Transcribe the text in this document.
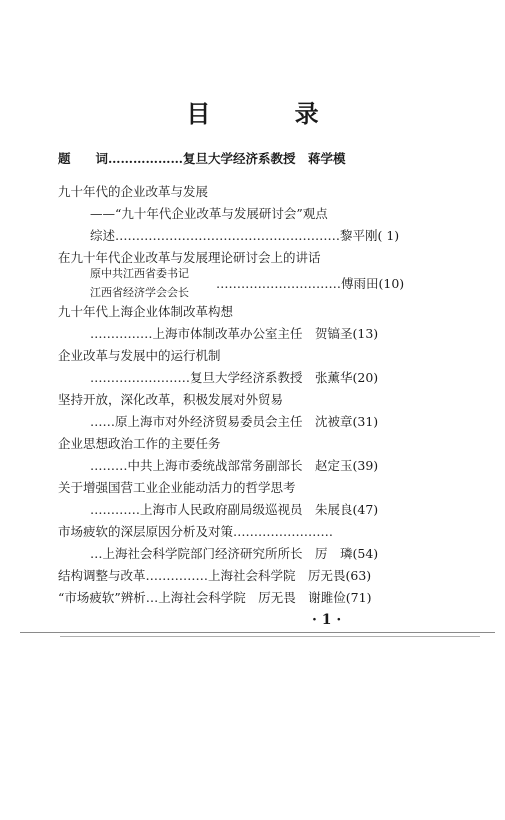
目 录
题　　词………………复旦大学经济系教授　蒋学模
九十年代的企业改革与发展
——“九十年代企业改革与发展研讨会”观点
综述………………………………………………黎平刚( 1)
在九十年代企业改革与发展理论研讨会上的讲话
原中共江西省委书记
…………………………傅雨田(10)
江西省经济学会会长
九十年代上海企业体制改革构想
……………上海市体制改革办公室主任　贺镐圣(13)
企业改革与发展中的运行机制
……………………复旦大学经济系教授　张薰华(20)
坚持开放，深化改革，积极发展对外贸易
……原上海市对外经济贸易委员会主任　沈被章(31)
企业思想政治工作的主要任务
………中共上海市委统战部常务副部长　赵定玉(39)
关于增强国营工业企业能动活力的哲学思考
…………上海市人民政府副局级巡视员　朱展良(47)
市场疲软的深层原因分析及对策……………………
…上海社会科学院部门经济研究所所长　厉　璘(54)
结构调整与改革……………上海社会科学院　厉无畏(63)
“市场疲软”辨析…上海社会科学院　厉无畏　谢雎俭(71)
· 1 ·
